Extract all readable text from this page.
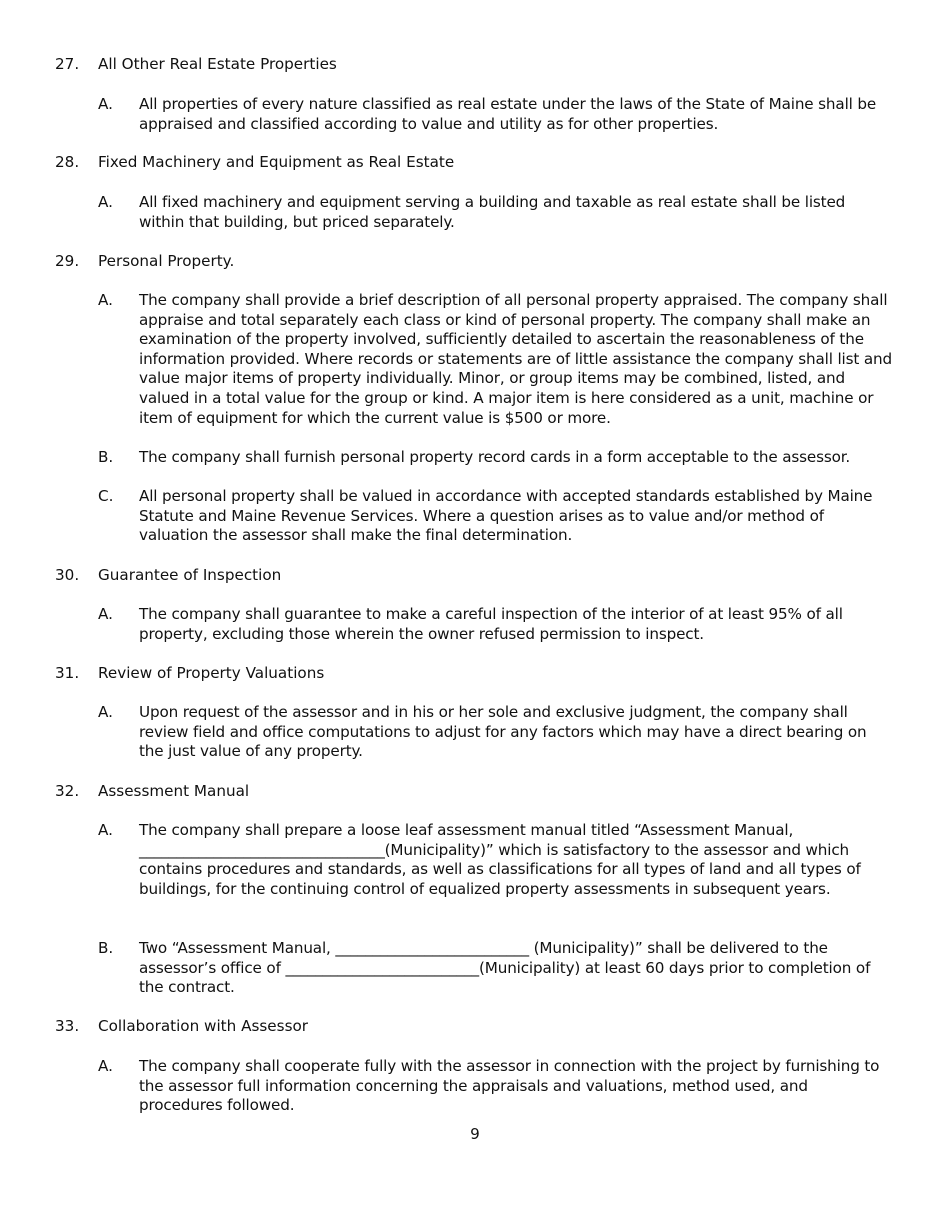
27. All Other Real Estate Properties
A. All properties of every nature classified as real estate under the laws of the State of Maine shall be appraised and classified according to value and utility as for other properties.
28. Fixed Machinery and Equipment as Real Estate
A. All fixed machinery and equipment serving a building and taxable as real estate shall be listed within that building, but priced separately.
29. Personal Property.
A. The company shall provide a brief description of all personal property appraised. The company shall appraise and total separately each class or kind of personal property. The company shall make an examination of the property involved, sufficiently detailed to ascertain the reasonableness of the information provided. Where records or statements are of little assistance the company shall list and value major items of property individually. Minor, or group items may be combined, listed, and valued in a total value for the group or kind. A major item is here considered as a unit, machine or item of equipment for which the current value is $500 or more.
B. The company shall furnish personal property record cards in a form acceptable to the assessor.
C. All personal property shall be valued in accordance with accepted standards established by Maine Statute and Maine Revenue Services. Where a question arises as to value and/or method of valuation the assessor shall make the final determination.
30. Guarantee of Inspection
A. The company shall guarantee to make a careful inspection of the interior of at least 95% of all property, excluding those wherein the owner refused permission to inspect.
31. Review of Property Valuations
A. Upon request of the assessor and in his or her sole and exclusive judgment, the company shall review field and office computations to adjust for any factors which may have a direct bearing on the just value of any property.
32. Assessment Manual
A. The company shall prepare a loose leaf assessment manual titled “Assessment Manual, _________________________________(Municipality)” which is satisfactory to the assessor and which contains procedures and standards, as well as classifications for all types of land and all types of buildings, for the continuing control of equalized property assessments in subsequent years.
B. Two “Assessment Manual, __________________________ (Municipality)” shall be delivered to the assessor’s office of __________________________(Municipality) at least 60 days prior to completion of the contract.
33. Collaboration with Assessor
A. The company shall cooperate fully with the assessor in connection with the project by furnishing to the assessor full information concerning the appraisals and valuations, method used, and procedures followed.
9
